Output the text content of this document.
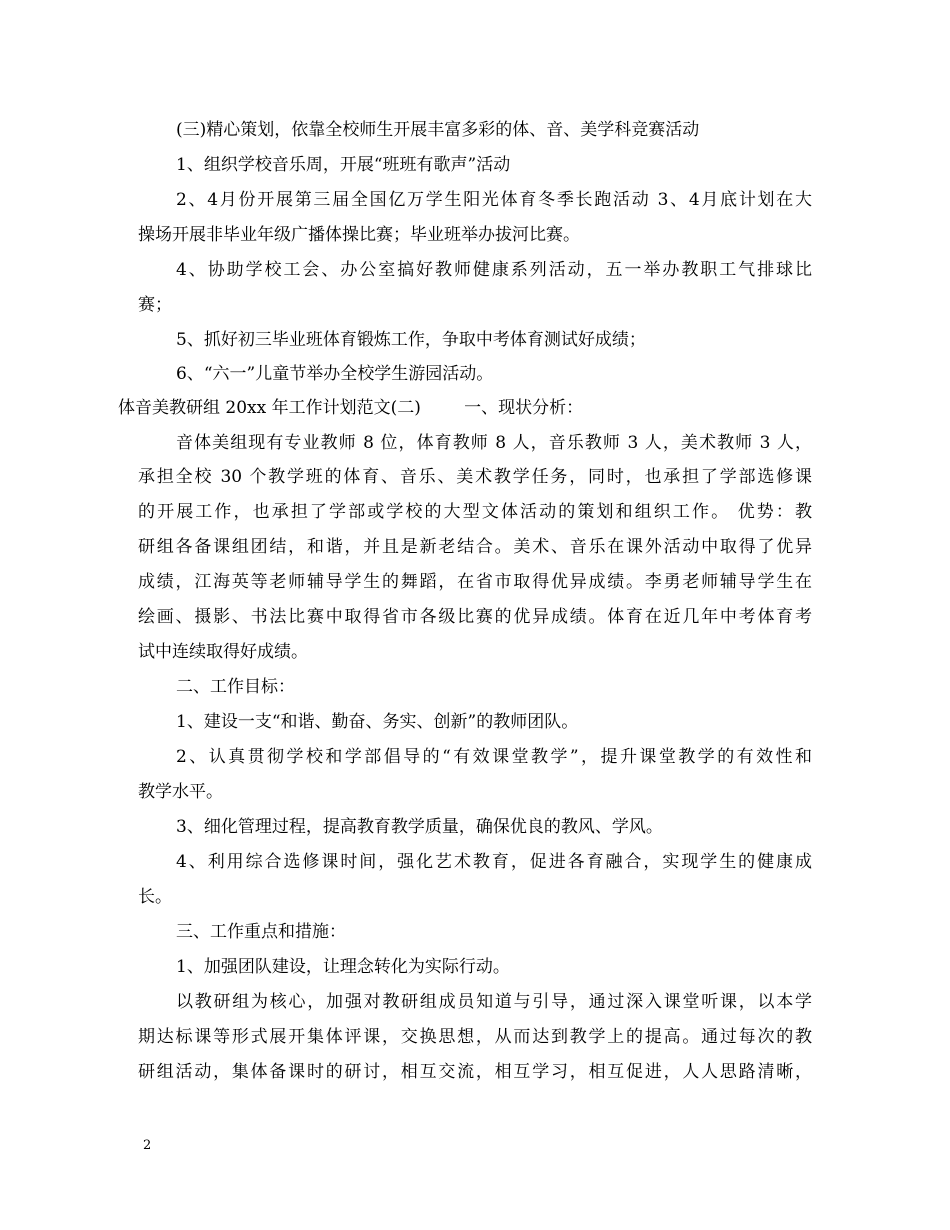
(三)精心策划，依靠全校师生开展丰富多彩的体、音、美学科竞赛活动
1、组织学校音乐周，开展“班班有歌声”活动
2、4月份开展第三届全国亿万学生阳光体育冬季长跑活动 3、4月底计划在大
操场开展非毕业年级广播体操比赛；毕业班举办拔河比赛。
4、协助学校工会、办公室搞好教师健康系列活动，五一举办教职工气排球比
赛；
5、抓好初三毕业班体育锻炼工作，争取中考体育测试好成绩；
6、“六一”儿童节举办全校学生游园活动。
体音美教研组 20xx 年工作计划范文(二)        一、现状分析：
音体美组现有专业教师 8 位，体育教师 8 人，音乐教师 3 人，美术教师 3 人，
承担全校 30 个教学班的体育、音乐、美术教学任务，同时，也承担了学部选修课
的开展工作，也承担了学部或学校的大型文体活动的策划和组织工作。 优势：教
研组各备课组团结，和谐，并且是新老结合。美术、音乐在课外活动中取得了优异
成绩，江海英等老师辅导学生的舞蹈，在省市取得优异成绩。李勇老师辅导学生在
绘画、摄影、书法比赛中取得省市各级比赛的优异成绩。体育在近几年中考体育考
试中连续取得好成绩。
二、工作目标：
1、建设一支“和谐、勤奋、务实、创新”的教师团队。
2、认真贯彻学校和学部倡导的“有效课堂教学”，提升课堂教学的有效性和
教学水平。
3、细化管理过程，提高教育教学质量，确保优良的教风、学风。
4、利用综合选修课时间，强化艺术教育，促进各育融合，实现学生的健康成
长。
三、工作重点和措施：
1、加强团队建设，让理念转化为实际行动。
以教研组为核心，加强对教研组成员知道与引导，通过深入课堂听课，以本学
期达标课等形式展开集体评课，交换思想，从而达到教学上的提高。通过每次的教
研组活动，集体备课时的研讨，相互交流，相互学习，相互促进，人人思路清晰，
2
